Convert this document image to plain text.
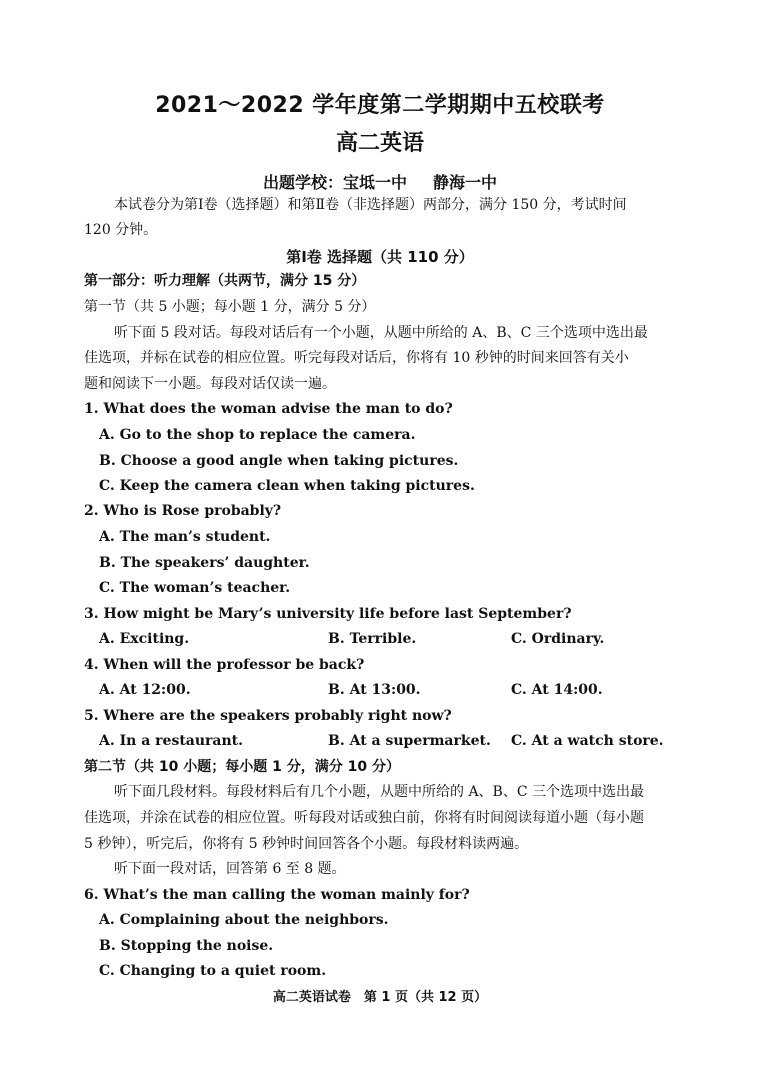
2021～2022 学年度第二学期期中五校联考
高二英语
出题学校：宝坻一中 静海一中
本试卷分为第Ⅰ卷（选择题）和第Ⅱ卷（非选择题）两部分，满分 150 分，考试时间
120 分钟。
第Ⅰ卷 选择题（共 110 分）
第一部分：听力理解（共两节，满分 15 分）
第一节（共 5 小题；每小题 1 分，满分 5 分）
听下面 5 段对话。每段对话后有一个小题，从题中所给的 A、B、C 三个选项中选出最
佳选项，并标在试卷的相应位置。听完每段对话后，你将有 10 秒钟的时间来回答有关小
题和阅读下一小题。每段对话仅读一遍。
1. What does the woman advise the man to do?
A. Go to the shop to replace the camera.
B. Choose a good angle when taking pictures.
C. Keep the camera clean when taking pictures.
2. Who is Rose probably?
A. The man’s student.
B. The speakers’ daughter.
C. The woman’s teacher.
3. How might be Mary’s university life before last September?
A. Exciting.	B. Terrible.	C. Ordinary.
4. When will the professor be back?
A. At 12:00.	B. At 13:00.	C. At 14:00.
5. Where are the speakers probably right now?
A. In a restaurant.	B. At a supermarket. C. At a watch store.
第二节（共 10 小题；每小题 1 分，满分 10 分）
听下面几段材料。每段材料后有几个小题，从题中所给的 A、B、C 三个选项中选出最
佳选项，并涂在试卷的相应位置。听每段对话或独白前，你将有时间阅读每道小题（每小题
5 秒钟），听完后，你将有 5 秒钟时间回答各个小题。每段材料读两遍。
听下面一段对话，回答第 6 至 8 题。
6. What’s the man calling the woman mainly for?
A. Complaining about the neighbors.
B. Stopping the noise.
C. Changing to a quiet room.
高二英语试卷　第 1 页（共 12 页）
